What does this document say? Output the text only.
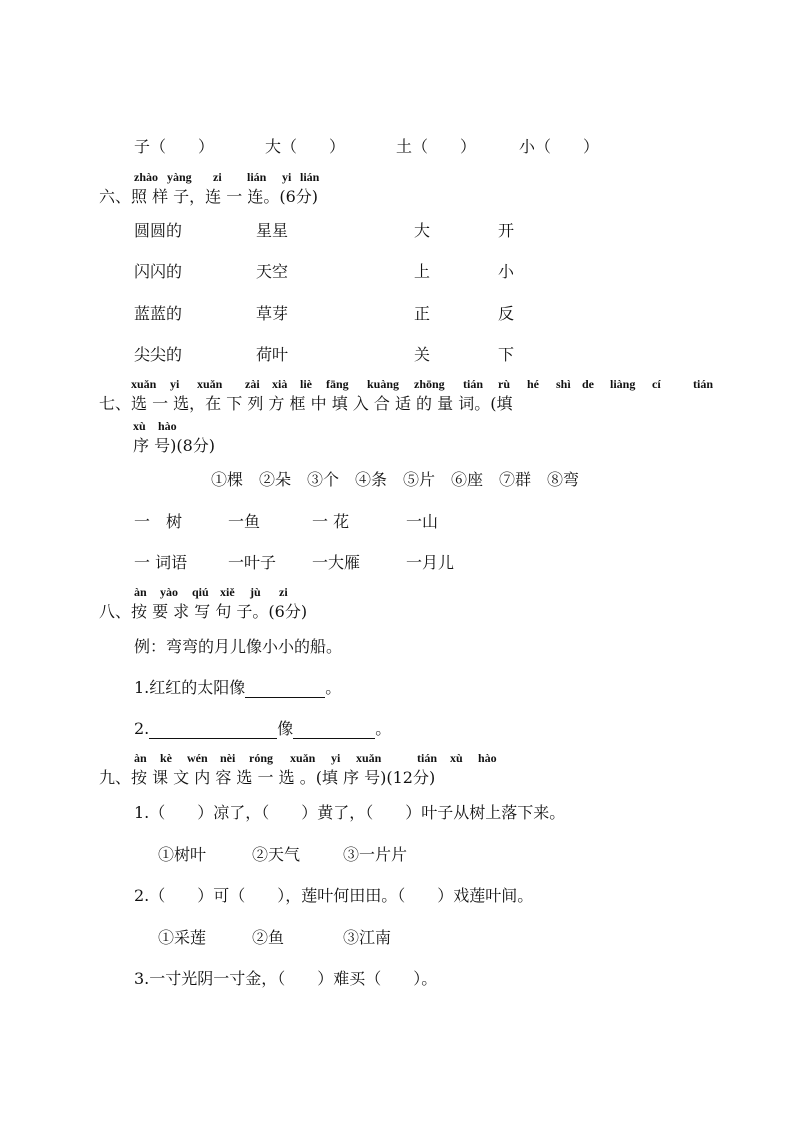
子（　　）	大（　　）	土（　　）	小（　　）
zhào yàng zi lián yi lián
六、照 样 子，连 一 连。(6分)
圆圆的	星星	大	开
闪闪的	天空	上	小
蓝蓝的	草芽	正	反
尖尖的	荷叶	关	下
xuǎn yi xuǎn zài xià liè fāng kuàng zhōng tián rù hé shì de liàng cí	tián
七、选 一 选，在 下 列 方 框 中 填 入 合 适 的 量 词。(填
xù hào
序 号)(8分)
①棵　②朵　③个　④条　⑤片　⑥座　⑦群　⑧弯
一　树	一鱼	一 花	一山
一 词语	一叶子 一大雁	一月儿
àn yào qiú xiě jù zi
八、按 要 求 写 句 子。(6分)
例：弯弯的月儿像小小的船。
1.红红的太阳像	。
2.	像	。
àn kè wén nèi róng xuǎn yi xuǎn	tián xù hào
九、按 课 文 内 容 选 一 选 。(填 序 号)(12分)
1.（　　）凉了，（　　）黄了，（　　）叶子从树上落下来。
①树叶	②天气	③一片片
2.（　　）可（　　），莲叶何田田。（　　）戏莲叶间。
①采莲	②鱼	③江南
3.一寸光阴一寸金，（　　）难买（　　）。
